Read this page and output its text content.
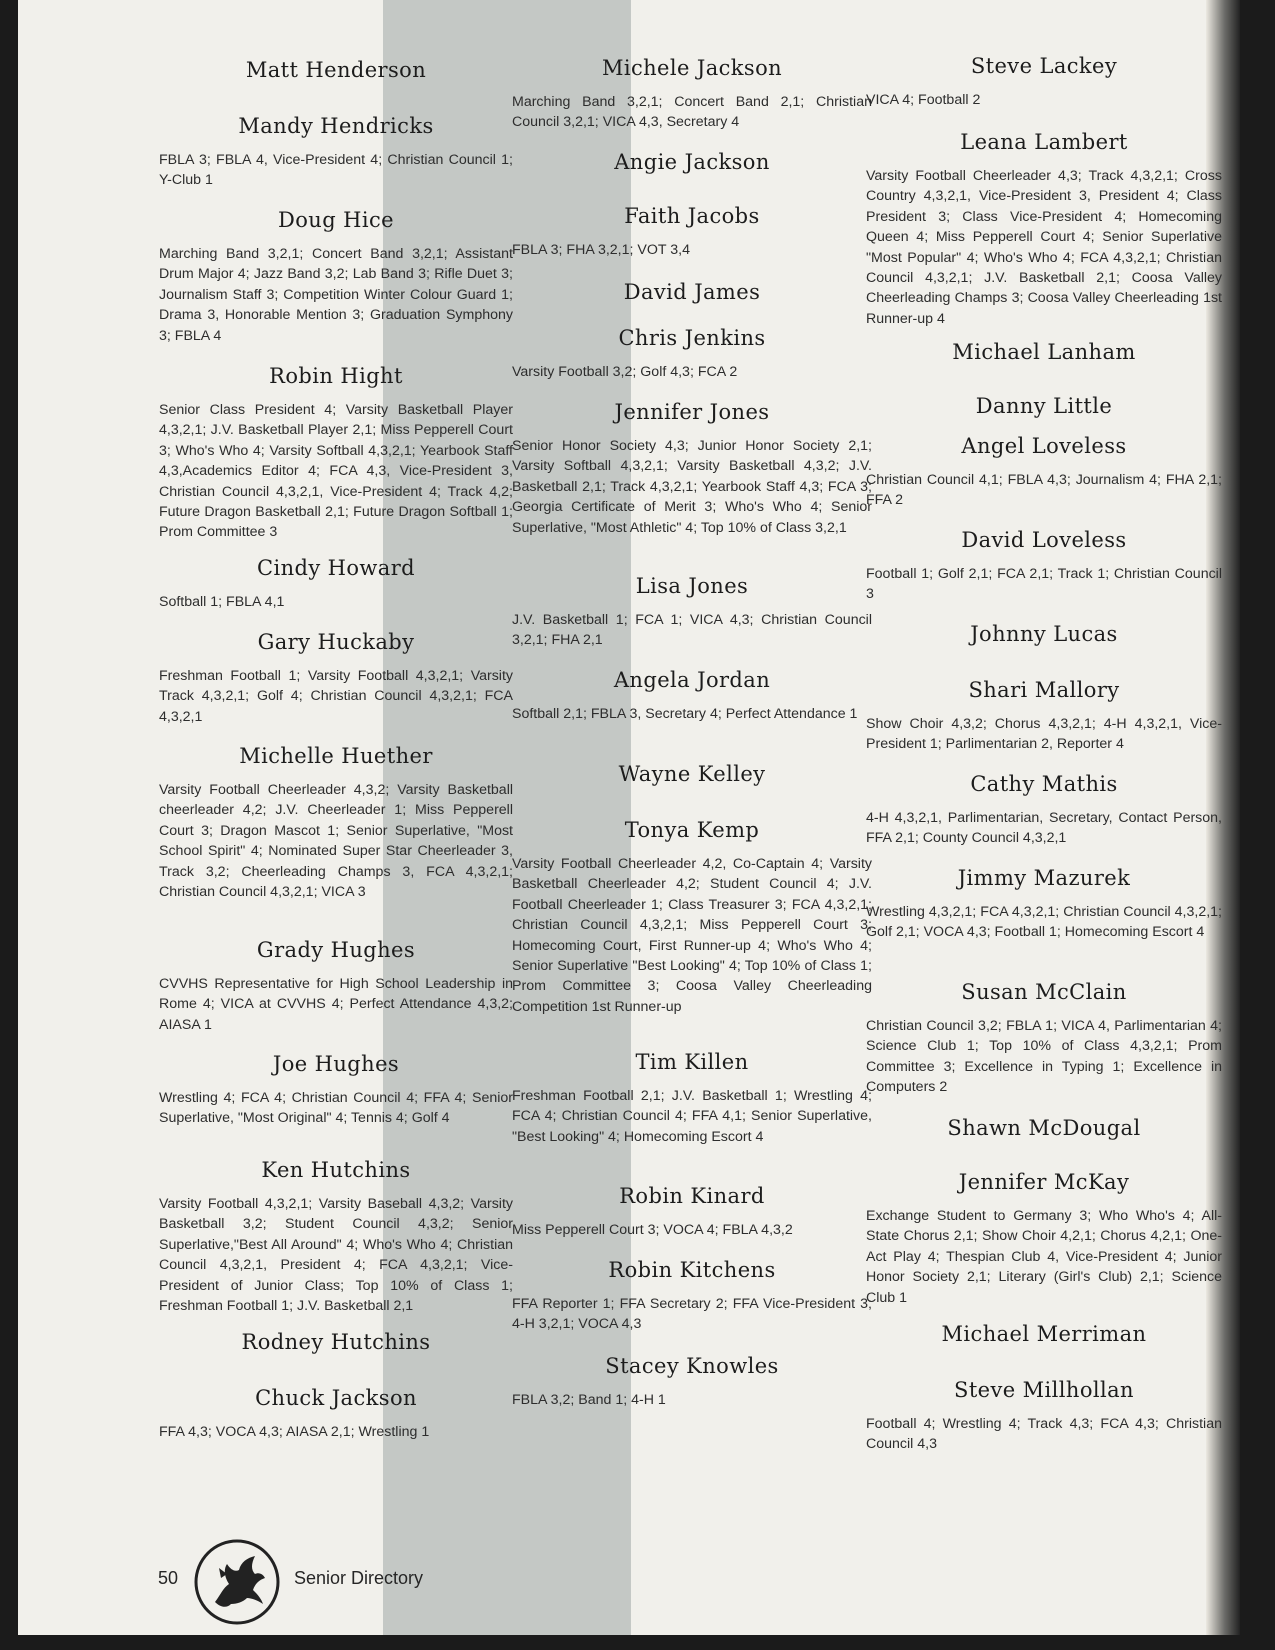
Matt Henderson
Mandy Hendricks
FBLA 3; FBLA 4, Vice-President 4; Christian Council 1; Y-Club 1
Doug Hice
Marching Band 3,2,1; Concert Band 3,2,1; Assistant Drum Major 4; Jazz Band 3,2; Lab Band 3; Rifle Duet 3; Journalism Staff 3; Competition Winter Colour Guard 1; Drama 3, Honorable Mention 3; Graduation Symphony 3; FBLA 4
Robin Hight
Senior Class President 4; Varsity Basketball Player 4,3,2,1; J.V. Basketball Player 2,1; Miss Pepperell Court 3; Who's Who 4; Varsity Softball 4,3,2,1; Yearbook Staff 4,3,Academics Editor 4; FCA 4,3, Vice-President 3, Christian Council 4,3,2,1, Vice-President 4; Track 4,2; Future Dragon Basketball 2,1; Future Dragon Softball 1; Prom Committee 3
Cindy Howard
Softball 1; FBLA 4,1
Gary Huckaby
Freshman Football 1; Varsity Football 4,3,2,1; Varsity Track 4,3,2,1; Golf 4; Christian Council 4,3,2,1; FCA 4,3,2,1
Michelle Huether
Varsity Football Cheerleader 4,3,2; Varsity Basketball cheerleader 4,2; J.V. Cheerleader 1; Miss Pepperell Court 3; Dragon Mascot 1; Senior Superlative, "Most School Spirit" 4; Nominated Super Star Cheerleader 3, Track 3,2; Cheerleading Champs 3, FCA 4,3,2,1; Christian Council 4,3,2,1; VICA 3
Grady Hughes
CVVHS Representative for High School Leadership in Rome 4; VICA at CVVHS 4; Perfect Attendance 4,3,2; AIASA 1
Joe Hughes
Wrestling 4; FCA 4; Christian Council 4; FFA 4; Senior Superlative, "Most Original" 4; Tennis 4; Golf 4
Ken Hutchins
Varsity Football 4,3,2,1; Varsity Baseball 4,3,2; Varsity Basketball 3,2; Student Council 4,3,2; Senior Superlative,"Best All Around" 4; Who's Who 4; Christian Council 4,3,2,1, President 4; FCA 4,3,2,1; Vice-President of Junior Class; Top 10% of Class 1; Freshman Football 1; J.V. Basketball 2,1
Rodney Hutchins
Chuck Jackson
FFA 4,3; VOCA 4,3; AIASA 2,1; Wrestling 1
Michele Jackson
Marching Band 3,2,1; Concert Band 2,1; Christian Council 3,2,1; VICA 4,3, Secretary 4
Angie Jackson
Faith Jacobs
FBLA 3; FHA 3,2,1; VOT 3,4
David James
Chris Jenkins
Varsity Football 3,2; Golf 4,3; FCA 2
Jennifer Jones
Senior Honor Society 4,3; Junior Honor Society 2,1; Varsity Softball 4,3,2,1; Varsity Basketball 4,3,2; J.V. Basketball 2,1; Track 4,3,2,1; Yearbook Staff 4,3; FCA 3; Georgia Certificate of Merit 3; Who's Who 4; Senior Superlative, "Most Athletic" 4; Top 10% of Class 3,2,1
Lisa Jones
J.V. Basketball 1; FCA 1; VICA 4,3; Christian Council 3,2,1; FHA 2,1
Angela Jordan
Softball 2,1; FBLA 3, Secretary 4; Perfect Attendance 1
Wayne Kelley
Tonya Kemp
Varsity Football Cheerleader 4,2, Co-Captain 4; Varsity Basketball Cheerleader 4,2; Student Council 4; J.V. Football Cheerleader 1; Class Treasurer 3; FCA 4,3,2,1; Christian Council 4,3,2,1; Miss Pepperell Court 3; Homecoming Court, First Runner-up 4; Who's Who 4; Senior Superlative "Best Looking" 4; Top 10% of Class 1; Prom Committee 3; Coosa Valley Cheerleading Competition 1st Runner-up
Tim Killen
Freshman Football 2,1; J.V. Basketball 1; Wrestling 4; FCA 4; Christian Council 4; FFA 4,1; Senior Superlative, "Best Looking" 4; Homecoming Escort 4
Robin Kinard
Miss Pepperell Court 3; VOCA 4; FBLA 4,3,2
Robin Kitchens
FFA Reporter 1; FFA Secretary 2; FFA Vice-President 3; 4-H 3,2,1; VOCA 4,3
Stacey Knowles
FBLA 3,2; Band 1; 4-H 1
Steve Lackey
VICA 4; Football 2
Leana Lambert
Varsity Football Cheerleader 4,3; Track 4,3,2,1; Cross Country 4,3,2,1, Vice-President 3, President 4; Class President 3; Class Vice-President 4; Homecoming Queen 4; Miss Pepperell Court 4; Senior Superlative "Most Popular" 4; Who's Who 4; FCA 4,3,2,1; Christian Council 4,3,2,1; J.V. Basketball 2,1; Coosa Valley Cheerleading Champs 3; Coosa Valley Cheerleading 1st Runner-up 4
Michael Lanham
Danny Little
Angel Loveless
Christian Council 4,1; FBLA 4,3; Journalism 4; FHA 2,1; FFA 2
David Loveless
Football 1; Golf 2,1; FCA 2,1; Track 1; Christian Council 3
Johnny Lucas
Shari Mallory
Show Choir 4,3,2; Chorus 4,3,2,1; 4-H 4,3,2,1, Vice-President 1; Parlimentarian 2, Reporter 4
Cathy Mathis
4-H 4,3,2,1, Parlimentarian, Secretary, Contact Person, FFA 2,1; County Council 4,3,2,1
Jimmy Mazurek
Wrestling 4,3,2,1; FCA 4,3,2,1; Christian Council 4,3,2,1; Golf 2,1; VOCA 4,3; Football 1; Homecoming Escort 4
Susan McClain
Christian Council 3,2; FBLA 1; VICA 4, Parlimentarian 4; Science Club 1; Top 10% of Class 4,3,2,1; Prom Committee 3; Excellence in Typing 1; Excellence in Computers 2
Shawn McDougal
Jennifer McKay
Exchange Student to Germany 3; Who Who's 4; All-State Chorus 2,1; Show Choir 4,2,1; Chorus 4,2,1; One-Act Play 4; Thespian Club 4, Vice-President 4; Junior Honor Society 2,1; Literary (Girl's Club) 2,1; Science Club 1
Michael Merriman
Steve Millhollan
Football 4; Wrestling 4; Track 4,3; FCA 4,3; Christian Council 4,3
50	Senior Directory
